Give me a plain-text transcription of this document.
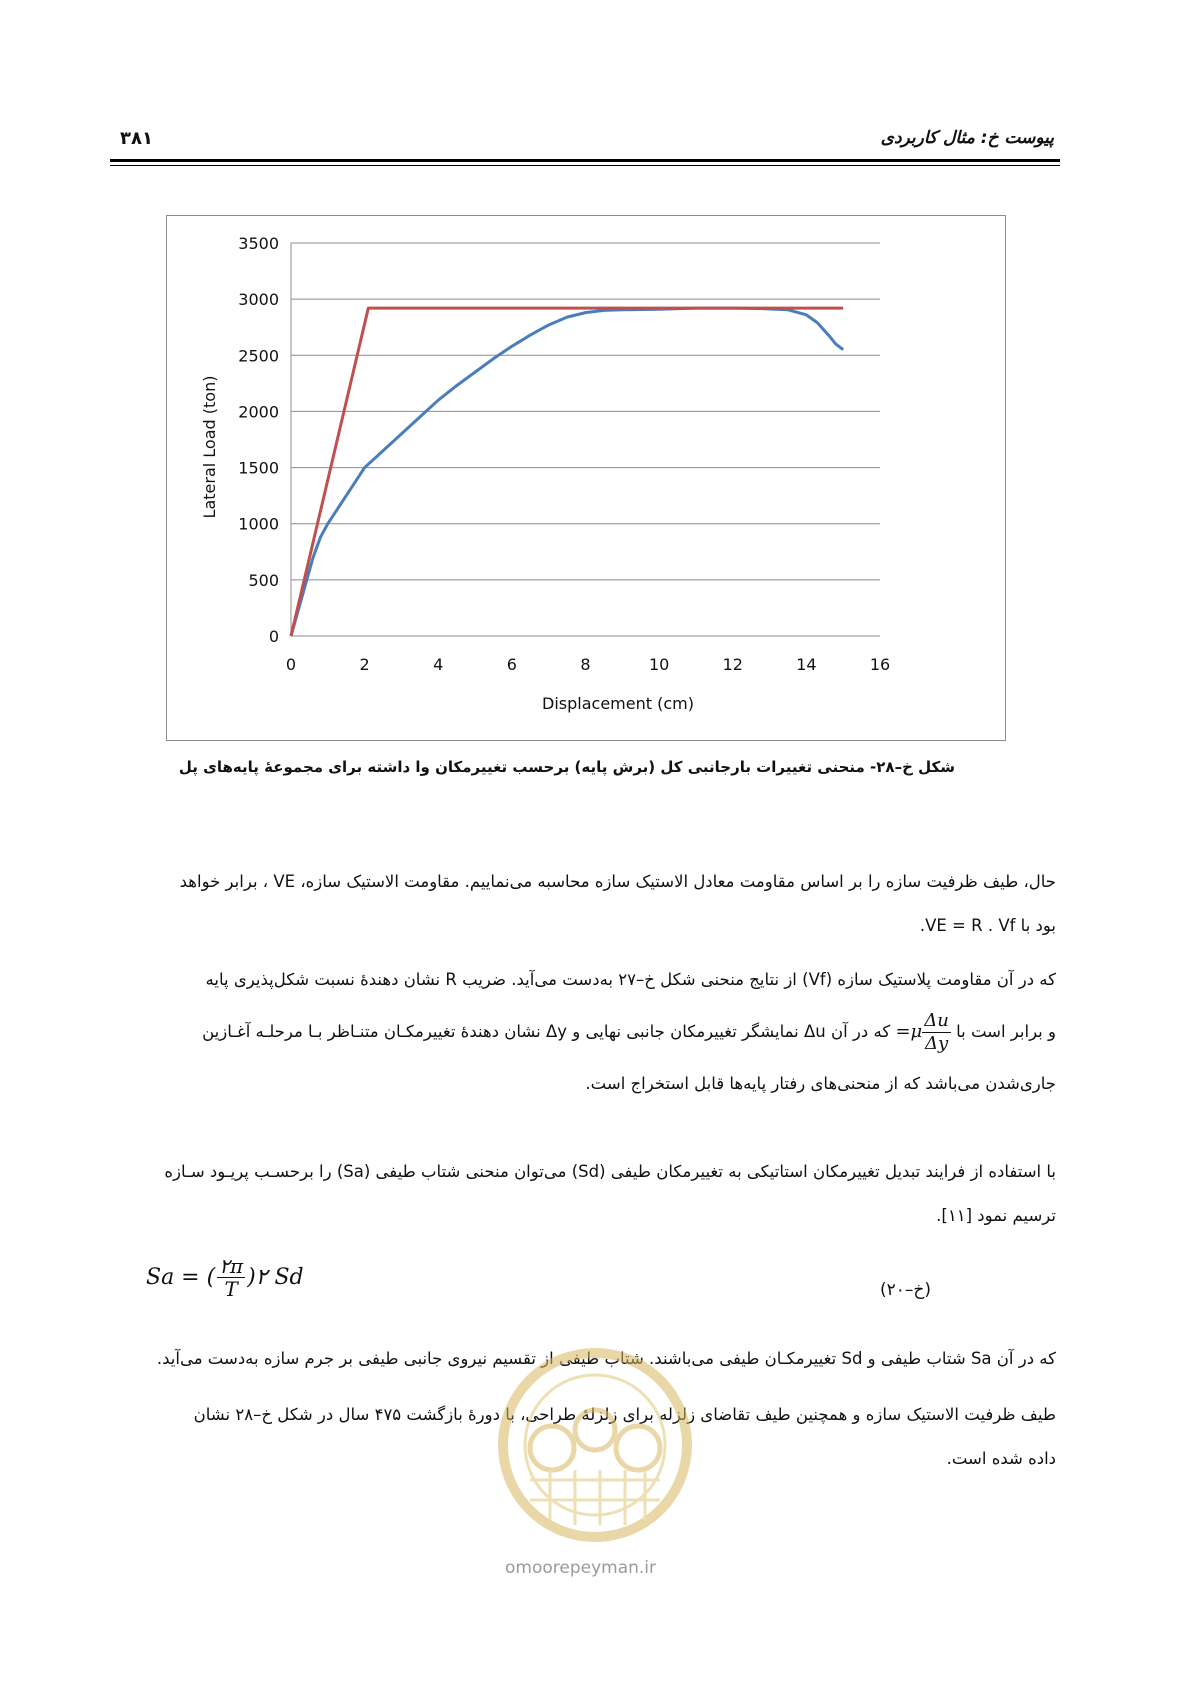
پیوست خ: مثال کاربردی
۳۸۱
0
500
1000
1500
2000
2500
3000
3500
0	2	4	6	8	10	12	14	16
Displacement (cm)
Lateral Load (ton)
شکل خ–۲۸- منحنی تغییرات بارجانبی کل (برش پایه) برحسب تغییرمکان وا داشته برای مجموعۀ پایه‌های پل
حال، طیف ظرفیت سازه را بر اساس مقاومت معادل الاستیک سازه محاسبه می‌نماییم. مقاومت الاستیک سازه، VE ، برابر خواهد
بود با VE = R . Vf.
که در آن مقاومت پلاستیک سازه (Vf) از نتایج منحنی شکل خ–۲۷ به‌دست می‌آید. ضریب R نشان دهندۀ نسبت شکل‌پذیری پایه
و برابر است با
$\frac{\Delta u}{\Delta y}$
μ= که در آن Δu نمایشگر تغییرمکان جانبی نهایی و Δy نشان دهندۀ تغییرمکـان متنـاظر بـا مرحلـه آغـازین
جاری‌شدن می‌باشد که از منحنی‌های رفتار پایه‌ها قابل استخراج است.
با استفاده از فرایند تبدیل تغییرمکان استاتیکی به تغییرمکان طیفی (Sd) می‌توان منحنی شتاب طیفی (Sa) را برحسـب پریـود سـازه
ترسیم نمود [۱۱].
Sa = ( $\frac{۲\pi}{T}$ )۲ Sd	(خ–۲۰)
که در آن Sa شتاب طیفی و Sd تغییرمکـان طیفی می‌باشند. شتاب طیفی از تقسیم نیروی جانبی طیفی بر جرم سازه به‌دست می‌آید.
طیف ظرفیت الاستیک سازه و همچنین طیف تقاضای زلزله برای زلزلۀ طراحی، با دورۀ بازگشت ۴۷۵ سال در شکل خ–۲۸ نشان
داده شده است.
omoorepeyman.ir
